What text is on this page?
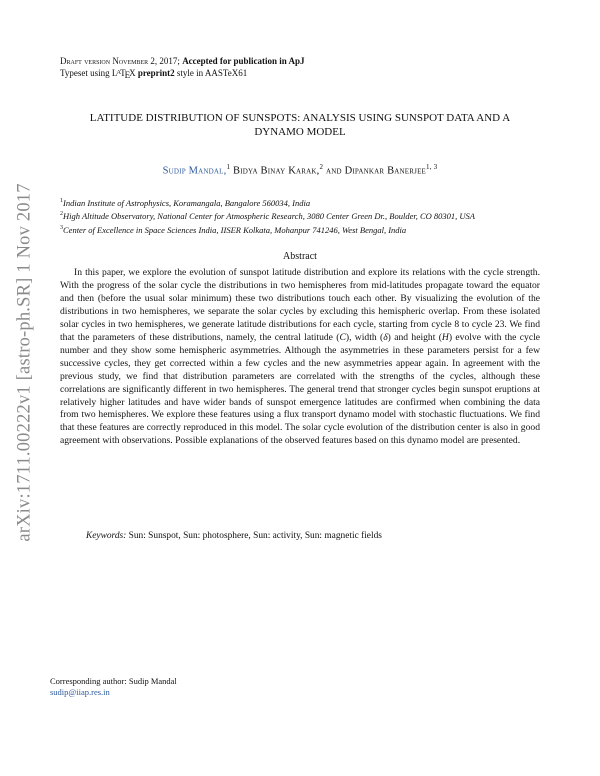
arXiv:1711.00222v1 [astro-ph.SR] 1 Nov 2017
Draft version November 2, 2017; Accepted for publication in ApJ
Typeset using $L^ATEX$ preprint2 style in AASTeX61
LATITUDE DISTRIBUTION OF SUNSPOTS: ANALYSIS USING SUNSPOT DATA AND A
DYNAMO MODEL
Sudip Mandal,$^1$ Bidya Binay Karak,$^2$ and Dipankar Banerjee$^{1, 3}$
$^1$Indian Institute of Astrophysics, Koramangala, Bangalore 560034, India
$^2$High Altitude Observatory, National Center for Atmospheric Research, 3080 Center Green Dr., Boulder, CO 80301, USA
$^3$Center of Excellence in Space Sciences India, IISER Kolkata, Mohanpur 741246, West Bengal, India
Abstract

In this paper, we explore the evolution of sunspot latitude distribution and explore its relations with the cycle strength. With the progress of the solar cycle the distributions in two hemispheres from mid-latitudes propagate toward the equator and then (before the usual solar minimum) these two distributions touch each other. By visualizing the evolution of the distributions in two hemispheres, we separate the solar cycles by excluding this hemispheric overlap. From these isolated solar cycles in two hemispheres, we generate latitude distributions for each cycle, starting from cycle 8 to cycle 23. We find that the parameters of these distributions, namely, the central latitude (C), width (δ) and height (H) evolve with the cycle number and they show some hemispheric asymmetries. Although the asymmetries in these parameters persist for a few successive cycles, they get corrected within a few cycles and the new asymmetries appear again. In agreement with the previous study, we find that distribution parameters are correlated with the strengths of the cycles, although these correlations are significantly different in two hemispheres. The general trend that stronger cycles begin sunspot eruptions at relatively higher latitudes and have wider bands of sunspot emergence latitudes are confirmed when combining the data from two hemispheres. We explore these features using a flux transport dynamo model with stochastic fluctuations. We find that these features are correctly reproduced in this model. The solar cycle evolution of the distribution center is also in good agreement with observations. Possible explanations of the observed features based on this dynamo model are presented.

Keywords: Sun: Sunspot, Sun: photosphere, Sun: activity, Sun: magnetic fields
Corresponding author: Sudip Mandal
sudip@iiap.res.in
